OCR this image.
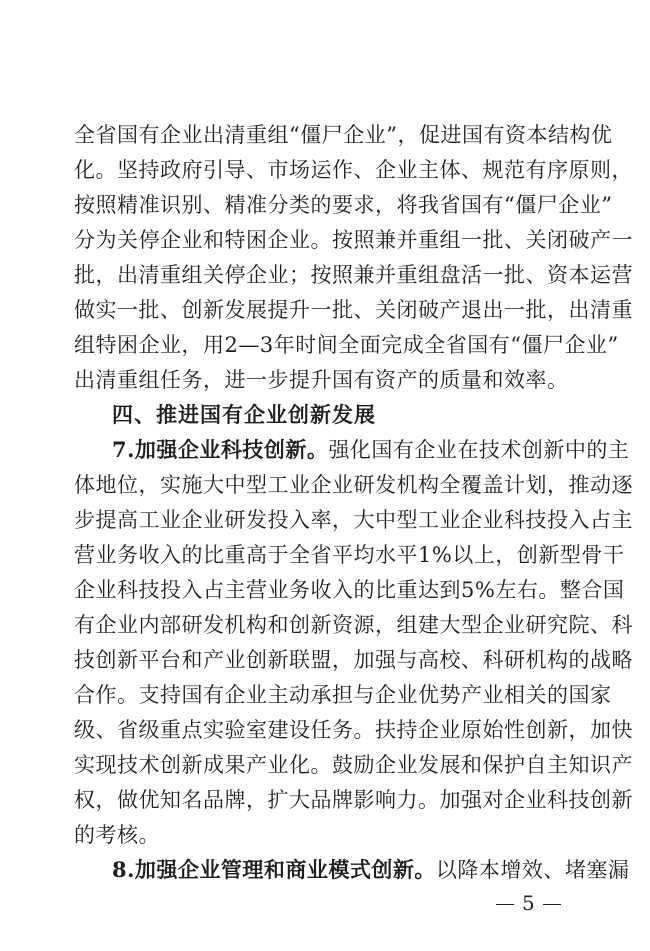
全省国有企业出清重组“僵尸企业”，促进国有资本结构优
化。坚持政府引导、市场运作、企业主体、规范有序原则，
按照精准识别、精准分类的要求，将我省国有“僵尸企业”
分为关停企业和特困企业。按照兼并重组一批、关闭破产一
批，出清重组关停企业；按照兼并重组盘活一批、资本运营
做实一批、创新发展提升一批、关闭破产退出一批，出清重
组特困企业，用2—3年时间全面完成全省国有“僵尸企业”
出清重组任务，进一步提升国有资产的质量和效率。
四、推进国有企业创新发展
7.加强企业科技创新。强化国有企业在技术创新中的主
体地位，实施大中型工业企业研发机构全覆盖计划，推动逐
步提高工业企业研发投入率，大中型工业企业科技投入占主
营业务收入的比重高于全省平均水平1%以上，创新型骨干
企业科技投入占主营业务收入的比重达到5%左右。整合国
有企业内部研发机构和创新资源，组建大型企业研究院、科
技创新平台和产业创新联盟，加强与高校、科研机构的战略
合作。支持国有企业主动承担与企业优势产业相关的国家
级、省级重点实验室建设任务。扶持企业原始性创新，加快
实现技术创新成果产业化。鼓励企业发展和保护自主知识产
权，做优知名品牌，扩大品牌影响力。加强对企业科技创新
的考核。
8.加强企业管理和商业模式创新。以降本增效、堵塞漏
5
